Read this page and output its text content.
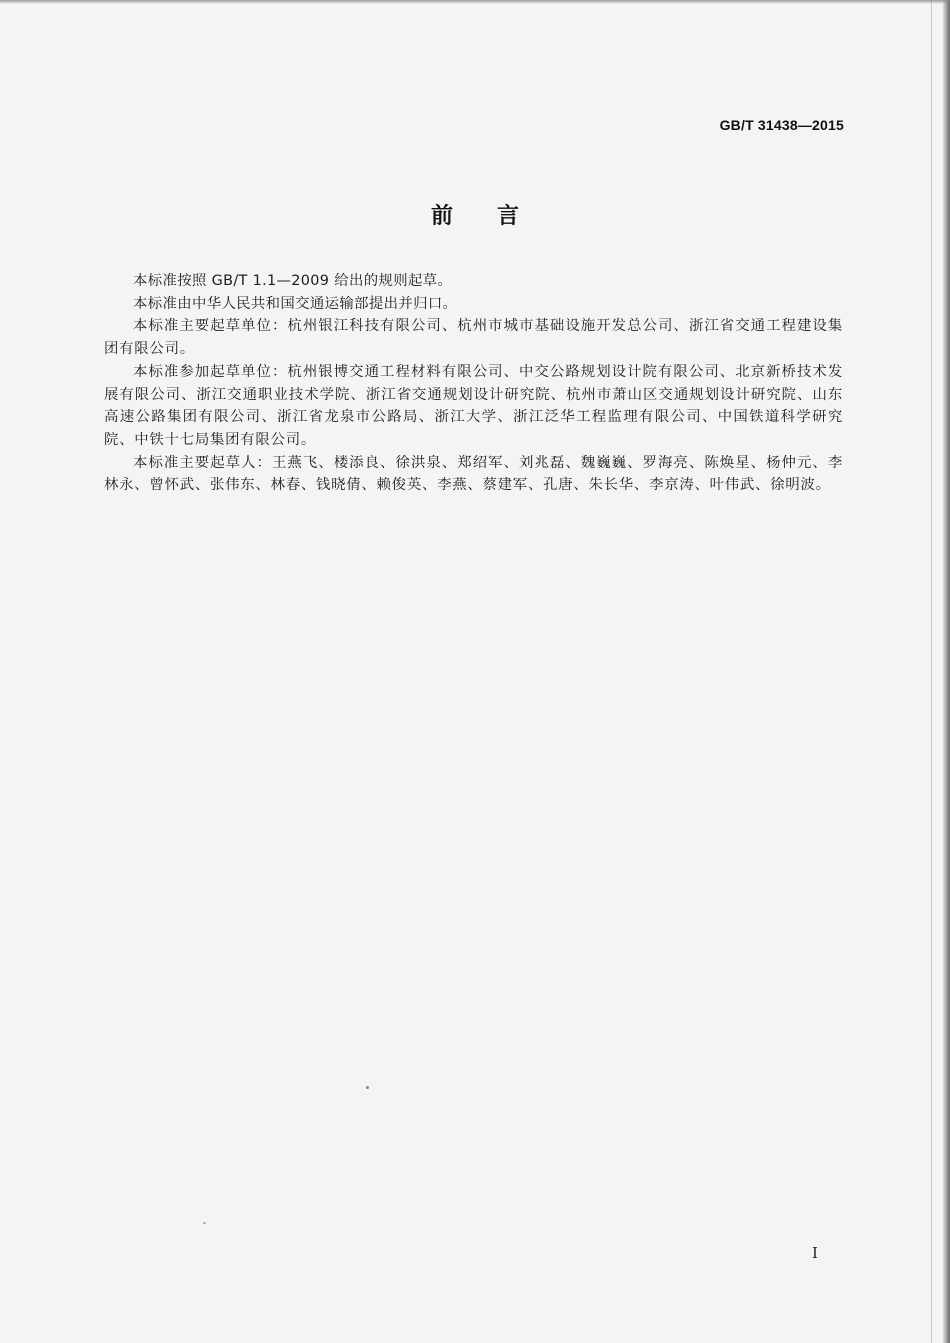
GB/T 31438—2015
前 言

本标准按照 GB/T 1.1—2009 给出的规则起草。

本标准由中华人民共和国交通运输部提出并归口。

本标准主要起草单位：杭州银江科技有限公司、杭州市城市基础设施开发总公司、浙江省交通工程建设集团有限公司。

本标准参加起草单位：杭州银博交通工程材料有限公司、中交公路规划设计院有限公司、北京新桥技术发展有限公司、浙江交通职业技术学院、浙江省交通规划设计研究院、杭州市萧山区交通规划设计研究院、山东高速公路集团有限公司、浙江省龙泉市公路局、浙江大学、浙江泛华工程监理有限公司、中国铁道科学研究院、中铁十七局集团有限公司。

本标准主要起草人：王燕飞、楼添良、徐洪泉、郑绍军、刘兆磊、魏巍巍、罗海亮、陈焕星、杨仲元、李林永、曾怀武、张伟东、林春、钱晓倩、赖俊英、李燕、蔡建军、孔唐、朱长华、李京涛、叶伟武、徐明波。

I
